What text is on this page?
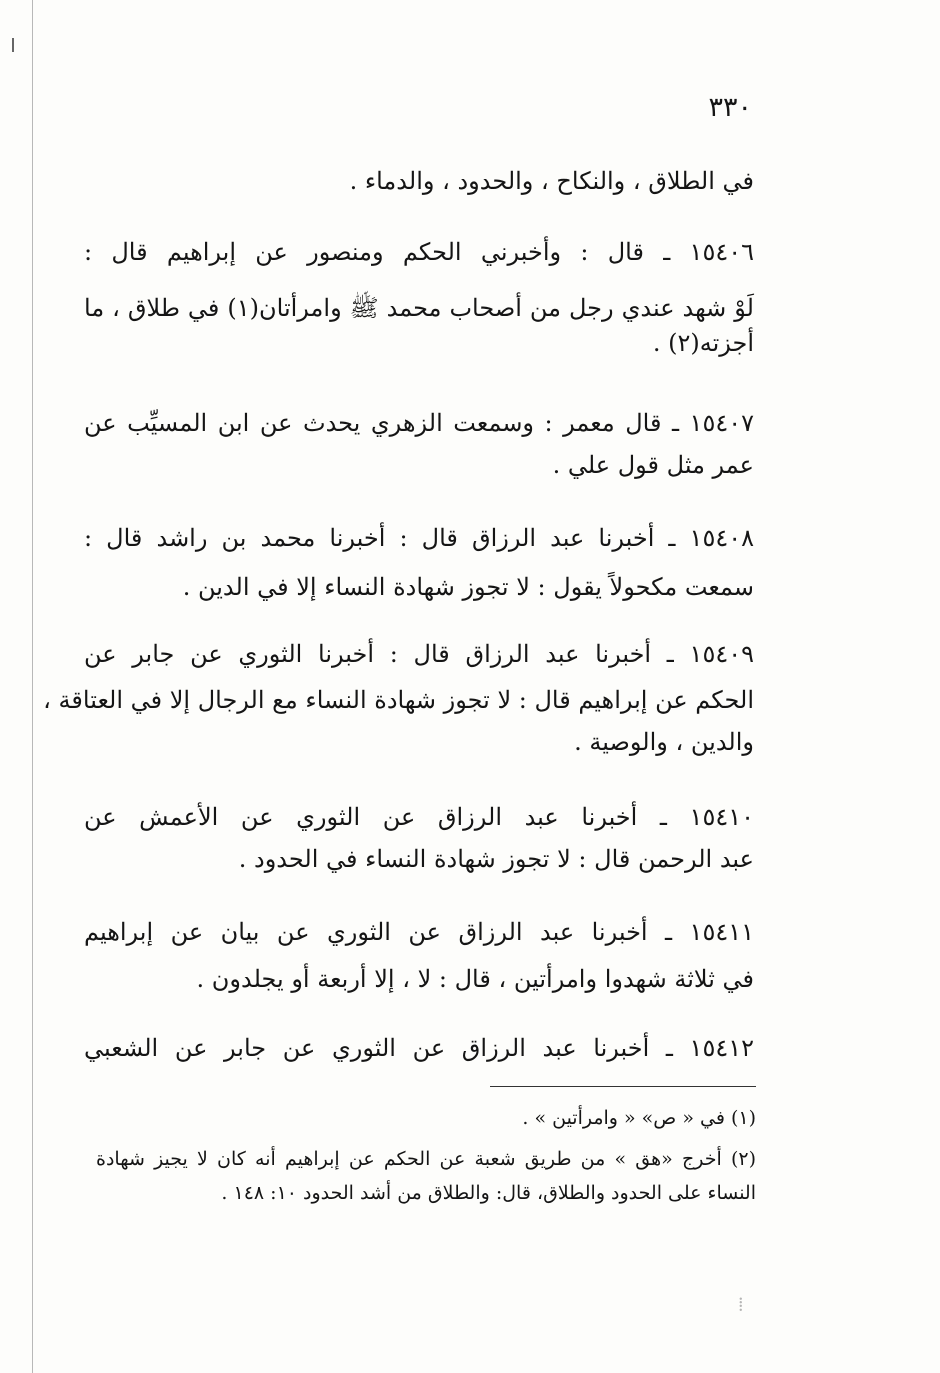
٣٣٠
في الطلاق ، والنكاح ، والحدود ، والدماء .
١٥٤٠٦ ـ قال : وأخبرني الحكم ومنصور عن إبراهيم قال :
لَوْ شهد عندي رجل من أصحاب محمد ﷺ وامرأتان(١) في طلاق ، ما
أجزته(٢) .
١٥٤٠٧ ـ قال معمر : وسمعت الزهري يحدث عن ابن المسيِّب عن
عمر مثل قول علي .
١٥٤٠٨ ـ أخبرنا عبد الرزاق قال : أخبرنا محمد بن راشد قال :
سمعت مكحولاً يقول : لا تجوز شهادة النساء إلا في الدين .
١٥٤٠٩ ـ أخبرنا عبد الرزاق قال : أخبرنا الثوري عن جابر عن
الحكم عن إبراهيم قال : لا تجوز شهادة النساء مع الرجال إلا في العتاقة ،
والدين ، والوصية .
١٥٤١٠ ـ أخبرنا عبد الرزاق عن الثوري عن الأعمش عن
عبد الرحمن قال : لا تجوز شهادة النساء في الحدود .
١٥٤١١ ـ أخبرنا عبد الرزاق عن الثوري عن بيان عن إبراهيم
في ثلاثة شهدوا وامرأتين ، قال : لا ، إلا أربعة أو يجلدون .
١٥٤١٢ ـ أخبرنا عبد الرزاق عن الثوري عن جابر عن الشعبي
(١) في « ص» « وامرأتين » .
(٢) أخرج «هق » من طريق شعبة عن الحكم عن إبراهيم أنه كان لا يجيز شهادة
النساء على الحدود والطلاق، قال: والطلاق من أشد الحدود ١٠: ١٤٨ .
⁞
